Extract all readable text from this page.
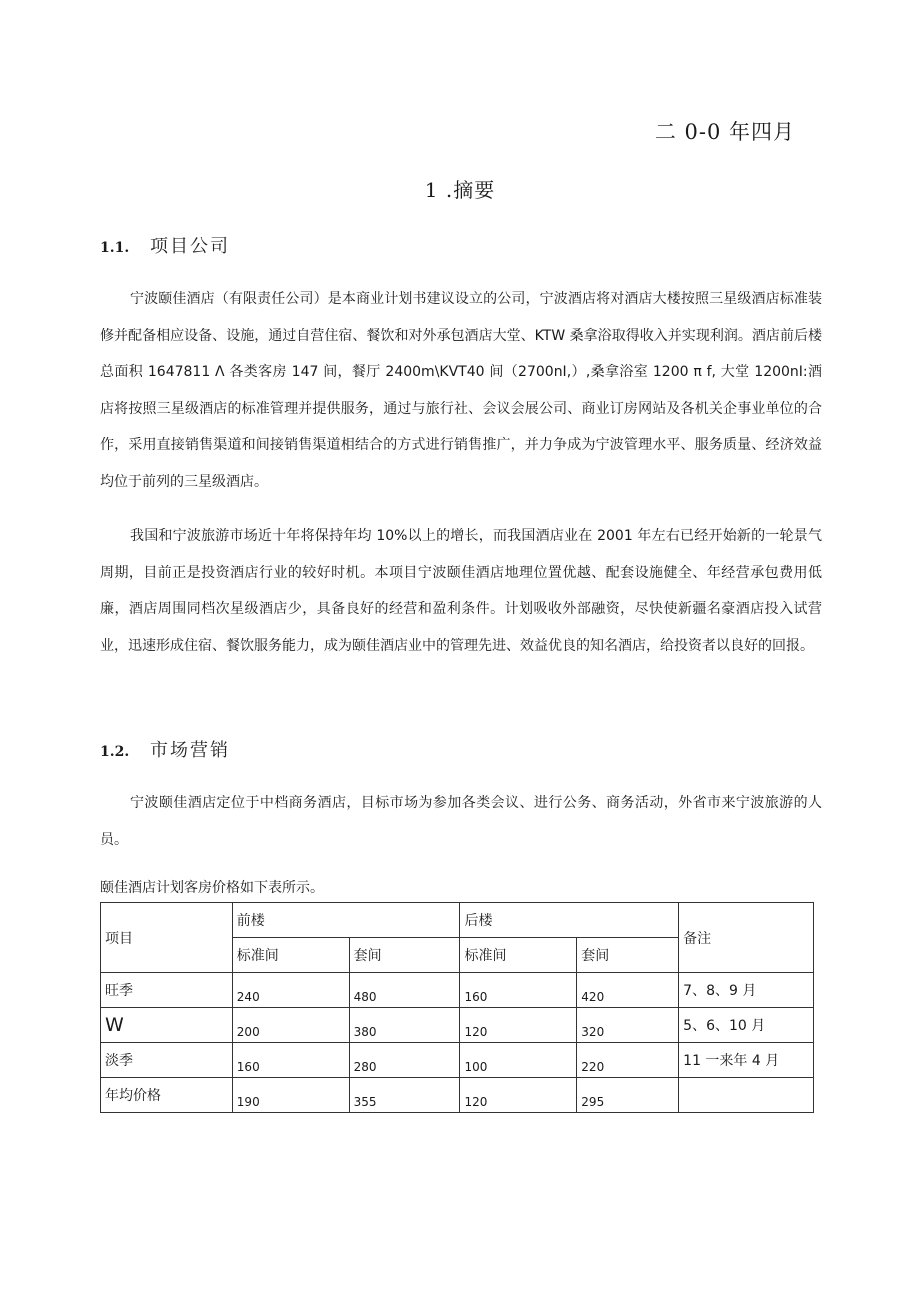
二 0-0 年四月
1 .摘要
1.1.	项目公司

宁波颐佳酒店（有限责任公司）是本商业计划书建议设立的公司，宁波酒店将对酒店大楼按照三星级酒店标准装修并配备相应设备、设施，通过自营住宿、餐饮和对外承包酒店大堂、KTW 桑拿浴取得收入并实现利润。酒店前后楼总面积 1647811 Λ 各类客房 147 间，餐厅 2400m\KVT40 间（2700nI,）,桑拿浴室 1200 π f, 大堂 1200nI:酒店将按照三星级酒店的标准管理并提供服务，通过与旅行社、会议会展公司、商业订房网站及各机关企事业单位的合作，采用直接销售渠道和间接销售渠道相结合的方式进行销售推广，并力争成为宁波管理水平、服务质量、经济效益均位于前列的三星级酒店。

我国和宁波旅游市场近十年将保持年均 10%以上的增长，而我国酒店业在 2001 年左右已经开始新的一轮景气周期，目前正是投资酒店行业的较好时机。本项目宁波颐佳酒店地理位置优越、配套设施健全、年经营承包费用低廉，酒店周围同档次星级酒店少，具备良好的经营和盈利条件。计划吸收外部融资，尽快使新疆名豪酒店投入试营业，迅速形成住宿、餐饮服务能力，成为颐佳酒店业中的管理先进、效益优良的知名酒店，给投资者以良好的回报。

1.2.	市场营销

宁波颐佳酒店定位于中档商务酒店，目标市场为参加各类会议、进行公务、商务活动，外省市来宁波旅游的人员。

颐佳酒店计划客房价格如下表所示。
项目	前楼		后楼		备注
	标准间	套间	标准间	套间	
旺季	240	480	160	420	7、8、9 月
W	200	380	120	320	5、6、10 月
淡季	160	280	100	220	11 一来年 4 月
年均价格	190	355	120	295	
